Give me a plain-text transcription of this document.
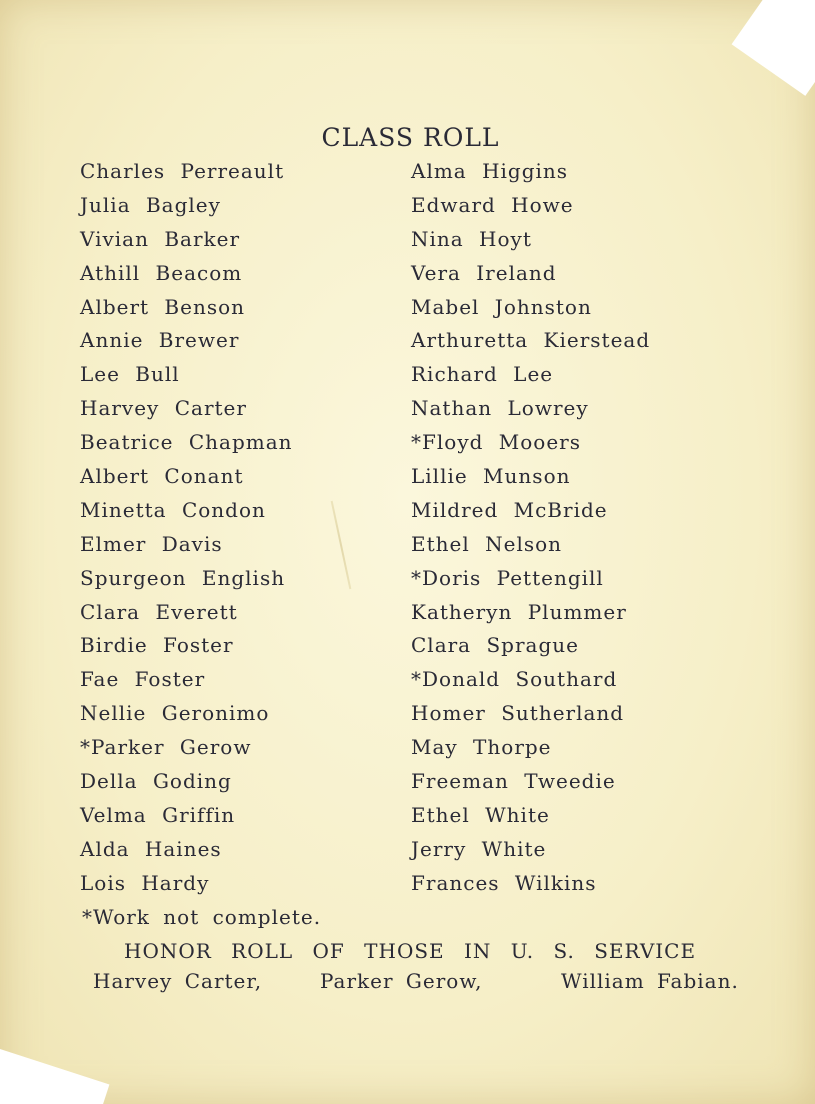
CLASS ROLL
Charles Perreault
Julia Bagley
Vivian Barker
Athill Beacom
Albert Benson
Annie Brewer
Lee Bull
Harvey Carter
Beatrice Chapman
Albert Conant
Minetta Condon
Elmer Davis
Spurgeon English
Clara Everett
Birdie Foster
Fae Foster
Nellie Geronimo
*Parker Gerow
Della Goding
Velma Griffin
Alda Haines
Lois Hardy
Alma Higgins
Edward Howe
Nina Hoyt
Vera Ireland
Mabel Johnston
Arthuretta Kierstead
Richard Lee
Nathan Lowrey
*Floyd Mooers
Lillie Munson
Mildred McBride
Ethel Nelson
*Doris Pettengill
Katheryn Plummer
Clara Sprague
*Donald Southard
Homer Sutherland
May Thorpe
Freeman Tweedie
Ethel White
Jerry White
Frances Wilkins
*Work not complete.
HONOR ROLL OF THOSE IN U. S. SERVICE
Harvey Carter,	Parker Gerow,	William Fabian.
